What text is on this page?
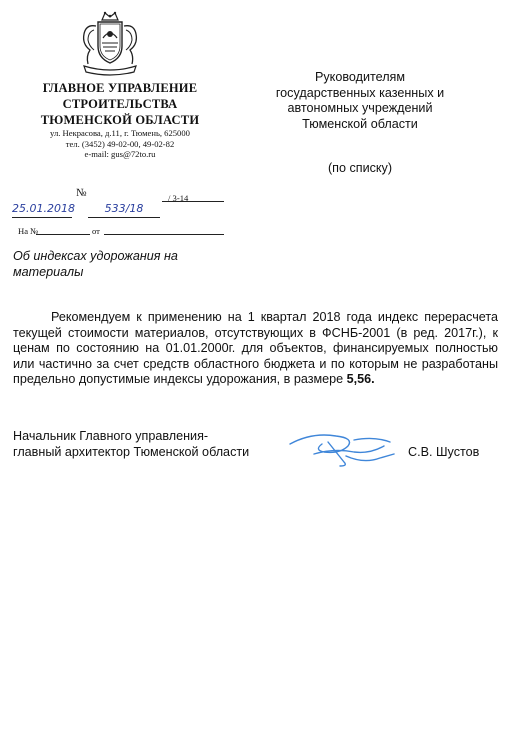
ГЛАВНОЕ УПРАВЛЕНИЕ
СТРОИТЕЛЬСТВА
ТЮМЕНСКОЙ ОБЛАСТИ
ул. Некрасова, д.11, г. Тюмень, 625000
тел. (3452) 49-02-00, 49-02-82
e-mail: gus@72to.ru
Руководителям
государственных казенных и
автономных учреждений
Тюменской области
(по списку)
25.01.2018
№
533/18
/ 3-14
На №	от
Об индексах удорожания на
материалы
Рекомендуем к применению на 1 квартал 2018 года индекс перерасчета текущей стоимости материалов, отсутствующих в ФСНБ-2001 (в ред. 2017г.), к ценам по состоянию на 01.01.2000г. для объектов, финансируемых полностью или частично за счет средств областного бюджета и по которым не разработаны предельно допустимые индексы удорожания, в размере 5,56.
Начальник Главного управления-
главный архитектор Тюменской области	С.В. Шустов
